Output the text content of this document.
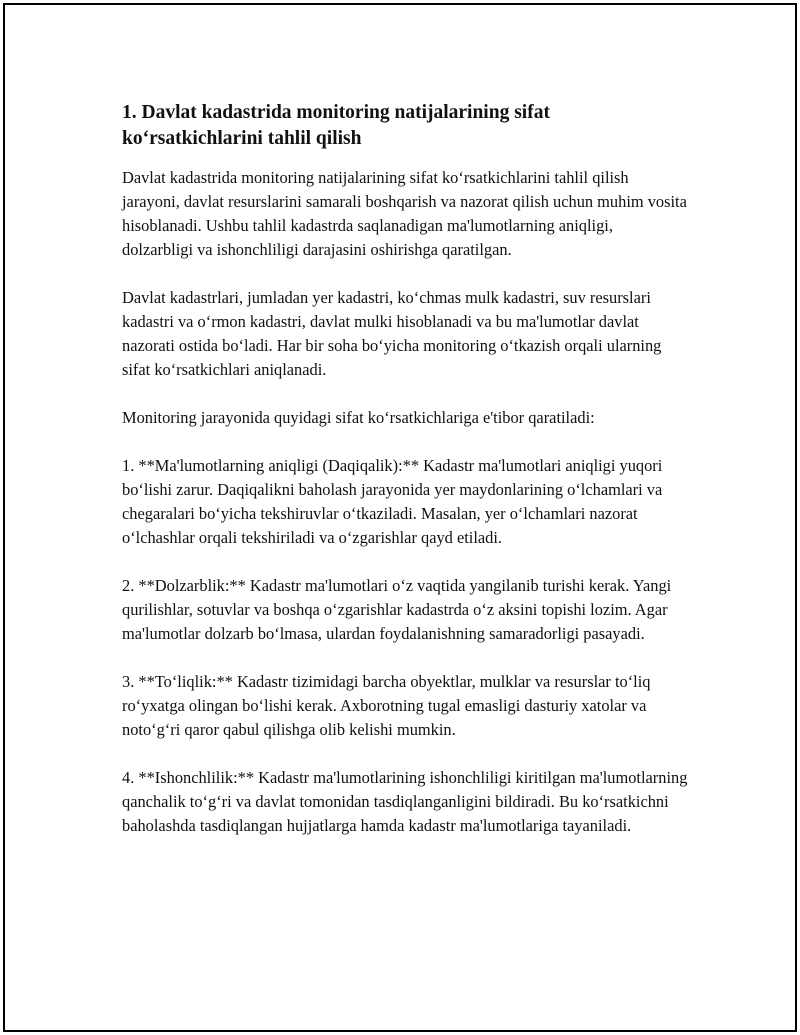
1. Davlat kadastrida monitoring natijalarining sifat ko‘rsatkichlarini tahlil qilish

Davlat kadastrida monitoring natijalarining sifat ko‘rsatkichlarini tahlil qilish jarayoni, davlat resurslarini samarali boshqarish va nazorat qilish uchun muhim vosita hisoblanadi. Ushbu tahlil kadastrda saqlanadigan ma'lumotlarning aniqligi, dolzarbligi va ishonchliligi darajasini oshirishga qaratilgan.

Davlat kadastrlari, jumladan yer kadastri, ko‘chmas mulk kadastri, suv resurslari kadastri va o‘rmon kadastri, davlat mulki hisoblanadi va bu ma'lumotlar davlat nazorati ostida bo‘ladi. Har bir soha bo‘yicha monitoring o‘tkazish orqali ularning sifat ko‘rsatkichlari aniqlanadi.

Monitoring jarayonida quyidagi sifat ko‘rsatkichlariga e'tibor qaratiladi:

1. **Ma'lumotlarning aniqligi (Daqiqalik):** Kadastr ma'lumotlari aniqligi yuqori bo‘lishi zarur. Daqiqalikni baholash jarayonida yer maydonlarining o‘lchamlari va chegaralari bo‘yicha tekshiruvlar o‘tkaziladi. Masalan, yer o‘lchamlari nazorat o‘lchashlar orqali tekshiriladi va o‘zgarishlar qayd etiladi.

2. **Dolzarblik:** Kadastr ma'lumotlari o‘z vaqtida yangilanib turishi kerak. Yangi qurilishlar, sotuvlar va boshqa o‘zgarishlar kadastrda o‘z aksini topishi lozim. Agar ma'lumotlar dolzarb bo‘lmasa, ulardan foydalanishning samaradorligi pasayadi.

3. **To‘liqlik:** Kadastr tizimidagi barcha obyektlar, mulklar va resurslar to‘liq ro‘yxatga olingan bo‘lishi kerak. Axborotning tugal emasligi dasturiy xatolar va noto‘g‘ri qaror qabul qilishga olib kelishi mumkin.

4. **Ishonchlilik:** Kadastr ma'lumotlarining ishonchliligi kiritilgan ma'lumotlarning qanchalik to‘g‘ri va davlat tomonidan tasdiqlanganligini bildiradi. Bu ko‘rsatkichni baholashda tasdiqlangan hujjatlarga hamda kadastr ma'lumotlariga tayaniladi.
